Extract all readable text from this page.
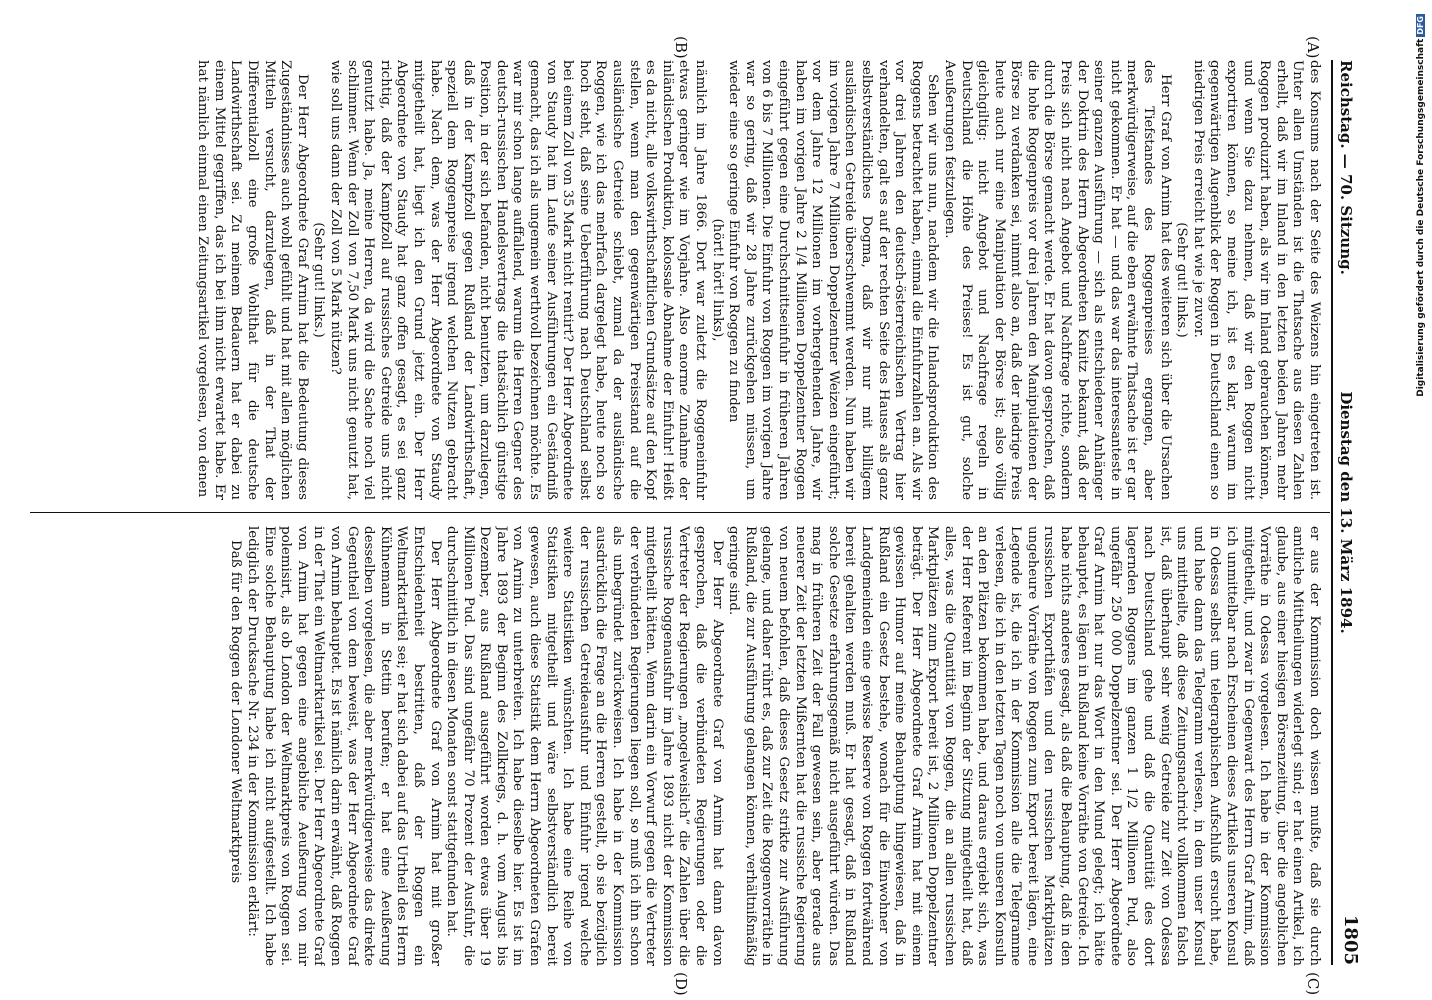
Reichstag. — 70. Sitzung.
Dienstag den 13. März 1894.
1805
(A)
(B)
(C)
(D)

des Konsums nach der Seite des Weizens hin eingetreten ist. Unter allen Umständen ist die Thatsache aus diesen Zahlen erhellt, daß wir im Inland in den letzten beiden Jahren mehr Roggen produzirt haben, als wir im Inland gebrauchen können, und wenn Sie dazu nehmen, daß wir den Roggen nicht exportiren können, so meine ich, ist es klar, warum im gegenwärtigen Augenblick der Roggen in Deutschland einen so niedrigen Preis erreicht hat wie je zuvor.

(Sehr gut! links.)

Herr Graf von Arnim hat des weiteren sich über die Ursachen des Tiefstandes des Roggenpreises ergangen, aber merkwürdigerweise, auf die eben erwähnte Thatsache ist er gar nicht gekommen. Er hat — und das war das interessanteste in seiner ganzen Ausführung — sich als entschiedener Anhänger der Doktrin des Herrn Abgeordneten Kanitz bekannt, daß der Preis sich nicht nach Angebot und Nachfrage richte, sondern durch die Börse gemacht werde. Er hat davon gesprochen, daß die hohe Roggenpreis vor drei Jahren den Manipulationen der Börse zu verdanken sei, nimmt also an, daß der niedrige Preis heute auch nur eine Manipulation der Börse ist; also völlig gleichgiltig: nicht Angebot und Nachfrage regeln in Deutschland die Höhe des Preises! Es ist gut, solche Aeußerungen festzulegen.

Sehen wir uns nun, nachdem wir die Inlandsproduktion des Roggens betrachtet haben, einmal die Einfuhrzahlen an. Als wir vor drei Jahren den deutsch-österreichischen Vertrag hier verhandelten, galt es auf der rechten Seite des Hauses als ganz selbstverständliches Dogma, daß wir nur mit billigem ausländischen Getreide überschwemmt werden. Nun haben wir im vorigen Jahre 7 Millionen Doppelzentner Weizen eingeführt; vor dem Jahre 12 Millionen im vorhergehenden Jahre, wir haben im vorigen Jahre 2 1/4 Millionen Doppelzentner Roggen eingeführt gegen eine Durchschnittseinfuhr in früheren Jahren von 6 bis 7 Millionen. Die Einfuhr von Roggen im vorigen Jahre war so gering, daß wir 28 Jahre zurückgehen müssen, um wieder eine so geringe Einfuhr von Roggen zu finden

(hört! hört! links),

nämlich im Jahre 1866. Dort war zuletzt die Roggeneinfuhr etwas geringer wie im Vorjahre. Also enorme Zunahme der inländischen Produktion, kolossale Abnahme der Einfuhr! Heißt es da nicht, alle volkswirthschaftlichen Grundsätze auf den Kopf stellen, wenn man den gegenwärtigen Preisstand auf die ausländische Getreide schiebt, zumal da der ausländische Roggen, wie ich das mehrfach dargelegt habe, heute noch so hoch steht, daß seine Ueberführung nach Deutschland selbst bei einem Zoll von 35 Mark nicht rentirt? Der Herr Abgeordnete von Staudy hat im Laufe seiner Ausführungen ein Geständniß gemacht, das ich als ungemein werthvoll bezeichnen möchte. Es war mir schon lange auffallend, warum die Herren Gegner des deutsch-russischen Handelsvertrags die thatsächlich günstige Position, in der sich befanden, nicht benutzten, um darzulegen, daß in der Kampfzoll gegen Rußland der Landwirthschaft, speziell dem Roggenpreise irgend welchen Nutzen gebracht habe. Nach dem, was der Herr Abgeordnete von Staudy mitgetheilt hat, liegt ich den Grund jetzt ein. Der Herr Abgeordnete von Staudy hat ganz offen gesagt, es sei ganz richtig, daß der Kampfzoll auf russisches Getreide uns nicht genutzt habe. Ja, meine Herren, da wird die Sache noch viel schlimmer. Wenn der Zoll von 7,50 Mark uns nicht genutzt hat, wie soll uns dann der Zoll von 5 Mark nützen?

(Sehr gut! links.)

Der Herr Abgeordnete Graf Arnim hat die Bedeutung dieses Zugeständnisses auch wohl gefühlt und hat mit allen möglichen Mitteln versucht, darzulegen, daß in der That der Differentialzoll eine große Wohlthat für die deutsche Landwirthschaft sei. Zu meinem Bedauern hat er dabei zu einem Mittel gegriffen, das ich bei ihm nicht erwartet habe. Er hat nämlich einmal einen Zeitungsartikel vorgelesen, von denen

er aus der Kommission doch wissen mußte, daß sie durch amtliche Mittheilungen widerlegt sind; er hat einen Artikel, ich glaube, aus einer hiesigen Börsenzeitung, über die angeblichen Vorräthe in Odessa vorgelesen. Ich habe in der Kommission mitgetheilt, und zwar in Gegenwart des Herrn Graf Arnim, daß ich unmittelbar nach Erscheinen dieses Artikels unseren Konsul in Odessa selbst um telegraphischen Aufschluß ersucht habe, und habe dann das Telegramm verlesen, in dem unser Konsul uns mittheilte, daß diese Zeitungsnachricht vollkommen falsch ist, daß überhaupt sehr wenig Getreide zur Zeit von Odessa nach Deutschland gehe und daß die Quantität des dort lagernden Roggens im ganzen 1 1/2 Millionen Pud, also ungefähr 250 000 Doppelzentner sei. Der Herr Abgeordnete Graf Arnim hat nur das Wort in den Mund gelegt; ich hätte behauptet, es lägen in Rußland keine Vorräthe von Getreide. Ich habe nichts anderes gesagt, als daß die Behauptung, daß in den russischen Exporthäfen und den russischen Marktplätzen ungeheure Vorräthe von Roggen zum Export bereit lägen, eine Legende ist, die ich in der Kommission alle die Telegramme verlesen, die ich in den letzten Tagen noch von unseren Konsuln an den Plätzen bekommen habe, und daraus ergiebt sich, was der Herr Referent im Beginn der Sitzung mitgetheilt hat, daß alles, was die Quantität von Roggen, die an allen russischen Marktplätzen zum Export bereit ist, 2 Millionen Doppelzentner beträgt. Der Herr Abgeordnete Graf Arnim hat mit einem gewissen Humor auf meine Behauptung hingewiesen, daß in Rußland ein Gesetz bestehe, wonach für die Einwohner von Landgemeinden eine gewisse Reserve von Roggen fortwährend bereit gehalten werden muß. Er hat gesagt, daß in Rußland solche Gesetze erfahrungsgemäß nicht ausgeführt würden. Das mag in früheren Zeit der Fall gewesen sein, aber gerade aus neuerer Zeit der letzten Mißernten hat die russische Regierung von neuem befohlen, daß dieses Gesetz strikte zur Ausführung gelange, und daher rührt es, daß zur Zeit die Roggenvorräthe in Rußland, die zur Ausführung gelangen können, verhältnißmäßig geringe sind.

Der Herr Abgeordnete Graf von Arnim hat dann davon gesprochen, daß die verbündeten Regierungen oder die Vertreter der Regierungen „mogelweislich“ die Zahlen über die russische Roggenausfuhr im Jahre 1893 nicht der Kommission mitgetheilt hätten. Wenn darin ein Vorwurf gegen die Vertreter der verbündeten Regierungen liegen soll, so muß ich ihn schon als unbegründet zurückweisen. Ich habe in der Kommission ausdrücklich die Frage an die Herren gestellt, ob sie bezüglich der russischen Getreideausfuhr und Einfuhr irgend welche weitere Statistiken wünschten. Ich habe eine Reihe von Statistiken mitgetheilt und wäre selbstverständlich bereit gewesen, auch diese Statistik dem Herrn Abgeordneten Grafen von Arnim zu unterbreiten. Ich habe dieselbe hier. Es ist im Jahre 1893 der Beginn des Zollkriegs, d. h. vom August bis Dezember, aus Rußland ausgeführt worden etwas über 19 Millionen Pud. Das sind ungefähr 70 Prozent der Ausfuhr, die durchschnittlich in diesen Monaten sonst stattgefunden hat.

Der Herr Abgeordnete Graf von Arnim hat mit großer Entschiedenheit bestritten, daß der Roggen ein Weltmarktartikel sei; er hat sich dabei auf das Urtheil des Herrn Kühnemann in Stettin berufen; er hat eine Aeußerung desselben vorgelesen, die aber merkwürdigerweise das direkte Gegentheil von dem beweist, was der Herr Abgeordnete Graf von Arnim behauptet. Es ist nämlich darin erwähnt, daß Roggen in der That ein Weltmarktartikel sei. Der Herr Abgeordnete Graf von Arnim hat gegen eine angebliche Aeußerung von mir polemisirt, als ob London der Weltmarktpreis von Roggen sei. Eine solche Behauptung habe ich nicht aufgestellt. Ich habe lediglich der Drucksache Nr. 234 in der Kommission erklärt:

Daß für den Roggen der Londoner Weltmarktpreis

Digitalisierung gefördert durch die Deutsche ForschungsgemeinschaftDFG
